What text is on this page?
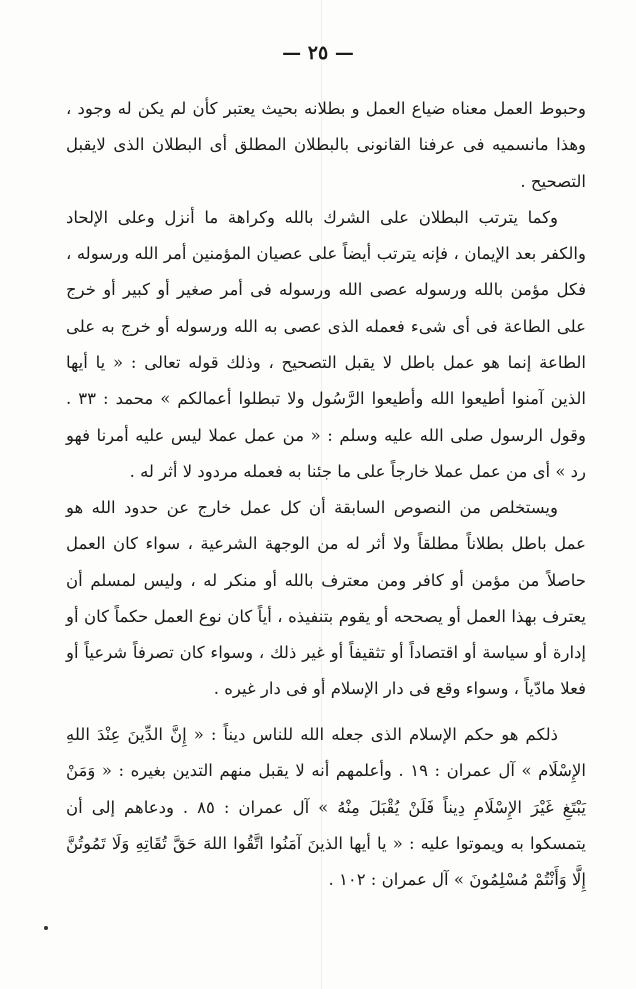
— ٢٥ —

وحبوط العمل معناه ضياع العمل و بطلانه بحيث يعتبر كأن لم يكن له وجود ، وهذا مانسميه فى عرفنا القانونى بالبطلان المطلق أى البطلان الذى لايقبل التصحيح .

وكما يترتب البطلان على الشرك بالله وكراهة ما أنزل وعلى الإلحاد والكفر بعد الإيمان ، فإنه يترتب أيضاً على عصيان المؤمنين أمر الله ورسوله ، فكل مؤمن بالله ورسوله عصى الله ورسوله فى أمر صغير أو كبير أو خرج على الطاعة فى أى شىء فعمله الذى عصى به الله ورسوله أو خرج به على الطاعة إنما هو عمل باطل لا يقبل التصحيح ، وذلك قوله تعالى : « يا أيها الذين آمنوا أطيعوا الله وأطيعوا الرَّسُول ولا تبطلوا أعمالكم » محمد : ٣٣ . وقول الرسول صلى الله عليه وسلم : « من عمل عملا ليس عليه أمرنا فهو رد » أى من عمل عملا خارجاً على ما جئنا به فعمله مردود لا أثر له .

ويستخلص من النصوص السابقة أن كل عمل خارج عن حدود الله هو عمل باطل بطلاناً مطلقاً ولا أثر له من الوجهة الشرعية ، سواء كان العمل حاصلاً من مؤمن أو كافر ومن معترف بالله أو منكر له ، وليس لمسلم أن يعترف بهذا العمل أو يصححه أو يقوم بتنفيذه ، أياً كان نوع العمل حكماً كان أو إدارة أو سياسة أو اقتصاداً أو تثقيفاً أو غير ذلك ، وسواء كان تصرفاً شرعياً أو فعلا مادّياً ، وسواء وقع فى دار الإسلام أو فى دار غيره .

ذلكم هو حكم الإسلام الذى جعله الله للناس ديناً : « إِنَّ الدِّينَ عِنْدَ اللهِ الإِسْلَام » آل عمران : ١٩ . وأعلمهم أنه لا يقبل منهم التدين بغيره : « وَمَنْ يَبْتَغِ غَيْرَ الإِسْلَامِ دِيناً فَلَنْ يُقْبَلَ مِنْهُ » آل عمران : ٨٥ . ودعاهم إلى أن يتمسكوا به ويموتوا عليه : « يا أيها الذينَ آمَنُوا اتَّقُوا اللهَ حَقَّ تُقَاتِهِ وَلَا تَمُوتُنَّ إِلَّا وَأَنْتُمْ مُسْلِمُونَ » آل عمران : ١٠٢ .
